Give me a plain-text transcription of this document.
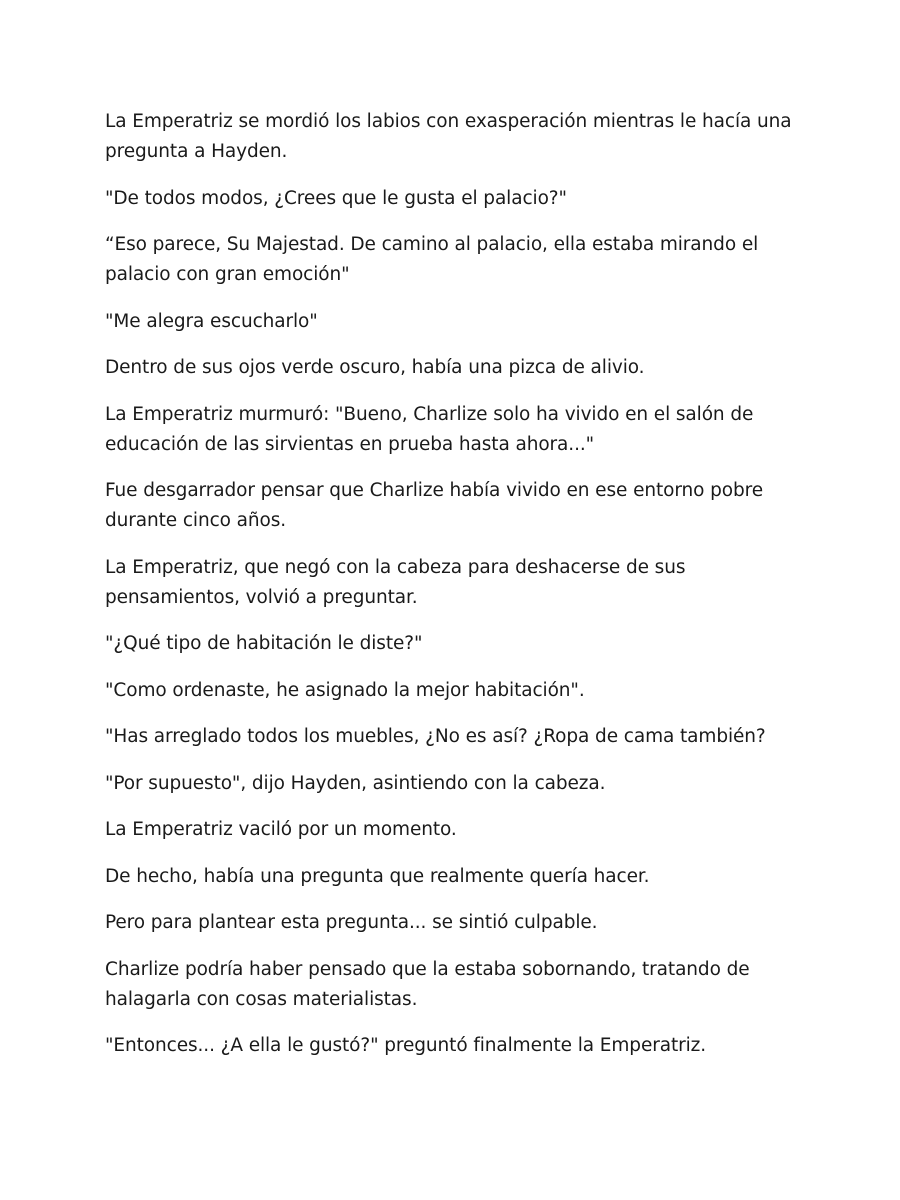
La Emperatriz se mordió los labios con exasperación mientras le hacía una pregunta a Hayden.

"De todos modos, ¿Crees que le gusta el palacio?"

“Eso parece, Su Majestad. De camino al palacio, ella estaba mirando el palacio con gran emoción"

"Me alegra escucharlo"

Dentro de sus ojos verde oscuro, había una pizca de alivio.

La Emperatriz murmuró: "Bueno, Charlize solo ha vivido en el salón de educación de las sirvientas en prueba hasta ahora..."

Fue desgarrador pensar que Charlize había vivido en ese entorno pobre durante cinco años.

La Emperatriz, que negó con la cabeza para deshacerse de sus pensamientos, volvió a preguntar.

"¿Qué tipo de habitación le diste?"

"Como ordenaste, he asignado la mejor habitación".

"Has arreglado todos los muebles, ¿No es así? ¿Ropa de cama también?

"Por supuesto", dijo Hayden, asintiendo con la cabeza.

La Emperatriz vaciló por un momento.

De hecho, había una pregunta que realmente quería hacer.

Pero para plantear esta pregunta... se sintió culpable.

Charlize podría haber pensado que la estaba sobornando, tratando de halagarla con cosas materialistas.

"Entonces... ¿A ella le gustó?" preguntó finalmente la Emperatriz.
